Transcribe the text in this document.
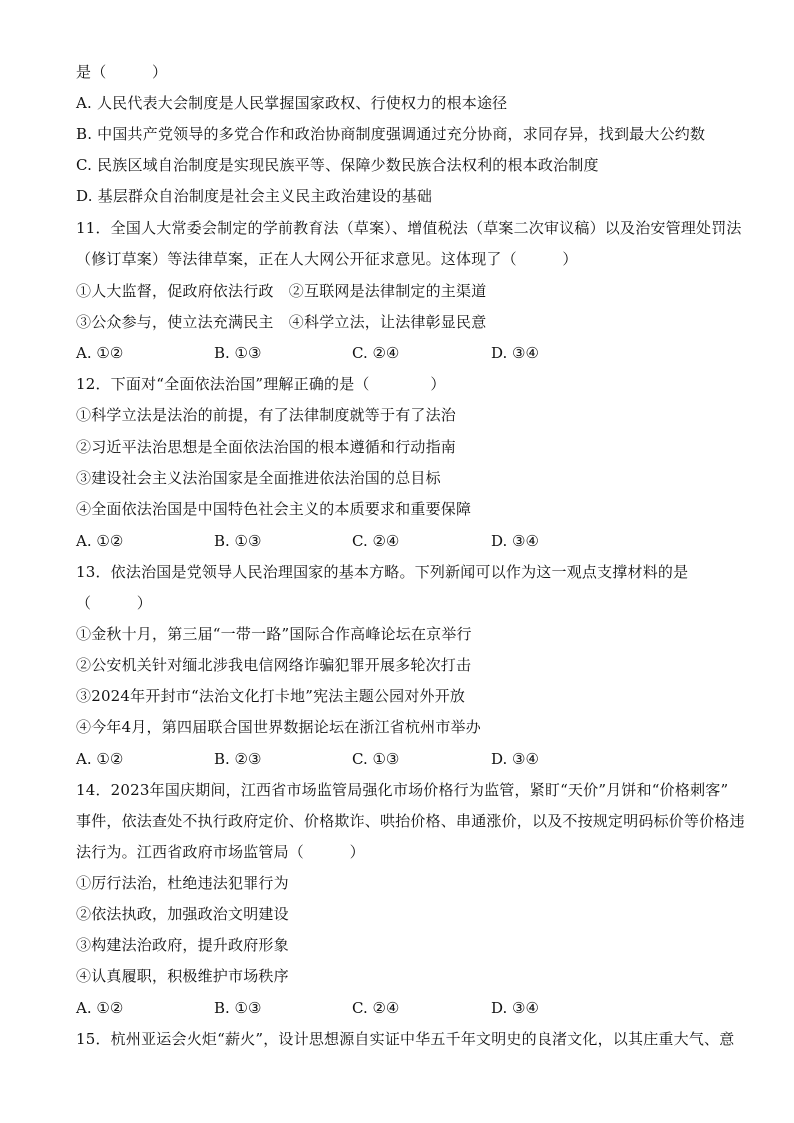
是（　　　）
A. 人民代表大会制度是人民掌握国家政权、行使权力的根本途径
B. 中国共产党领导的多党合作和政治协商制度强调通过充分协商，求同存异，找到最大公约数
C. 民族区域自治制度是实现民族平等、保障少数民族合法权利的根本政治制度
D. 基层群众自治制度是社会主义民主政治建设的基础
11．全国人大常委会制定的学前教育法（草案）、增值税法（草案二次审议稿）以及治安管理处罚法
（修订草案）等法律草案，正在人大网公开征求意见。这体现了（　　　）
①人大监督，促政府依法行政　②互联网是法律制定的主渠道
③公众参与，使立法充满民主　④科学立法，让法律彰显民意
A. ①②	B. ①③	C. ②④	D. ③④
12．下面对“全面依法治国”理解正确的是（　　　　）
①科学立法是法治的前提，有了法律制度就等于有了法治
②习近平法治思想是全面依法治国的根本遵循和行动指南
③建设社会主义法治国家是全面推进依法治国的总目标
④全面依法治国是中国特色社会主义的本质要求和重要保障
A. ①②	B. ①③	C. ②④	D. ③④
13．依法治国是党领导人民治理国家的基本方略。下列新闻可以作为这一观点支撑材料的是
（　　　）
①金秋十月，第三届“一带一路”国际合作高峰论坛在京举行
②公安机关针对缅北涉我电信网络诈骗犯罪开展多轮次打击
③2024年开封市“法治文化打卡地”宪法主题公园对外开放
④今年4月，第四届联合国世界数据论坛在浙江省杭州市举办
A. ①②	B. ②③	C. ①③	D. ③④
14．2023年国庆期间，江西省市场监管局强化市场价格行为监管，紧盯“天价”月饼和“价格刺客”
事件，依法查处不执行政府定价、价格欺诈、哄抬价格、串通涨价，以及不按规定明码标价等价格违
法行为。江西省政府市场监管局（　　　）
①厉行法治，杜绝违法犯罪行为
②依法执政，加强政治文明建设
③构建法治政府，提升政府形象
④认真履职，积极维护市场秩序
A. ①②	B. ①③	C. ②④	D. ③④
15．杭州亚运会火炬“薪火”，设计思想源自实证中华五千年文明史的良渚文化，以其庄重大气、意
